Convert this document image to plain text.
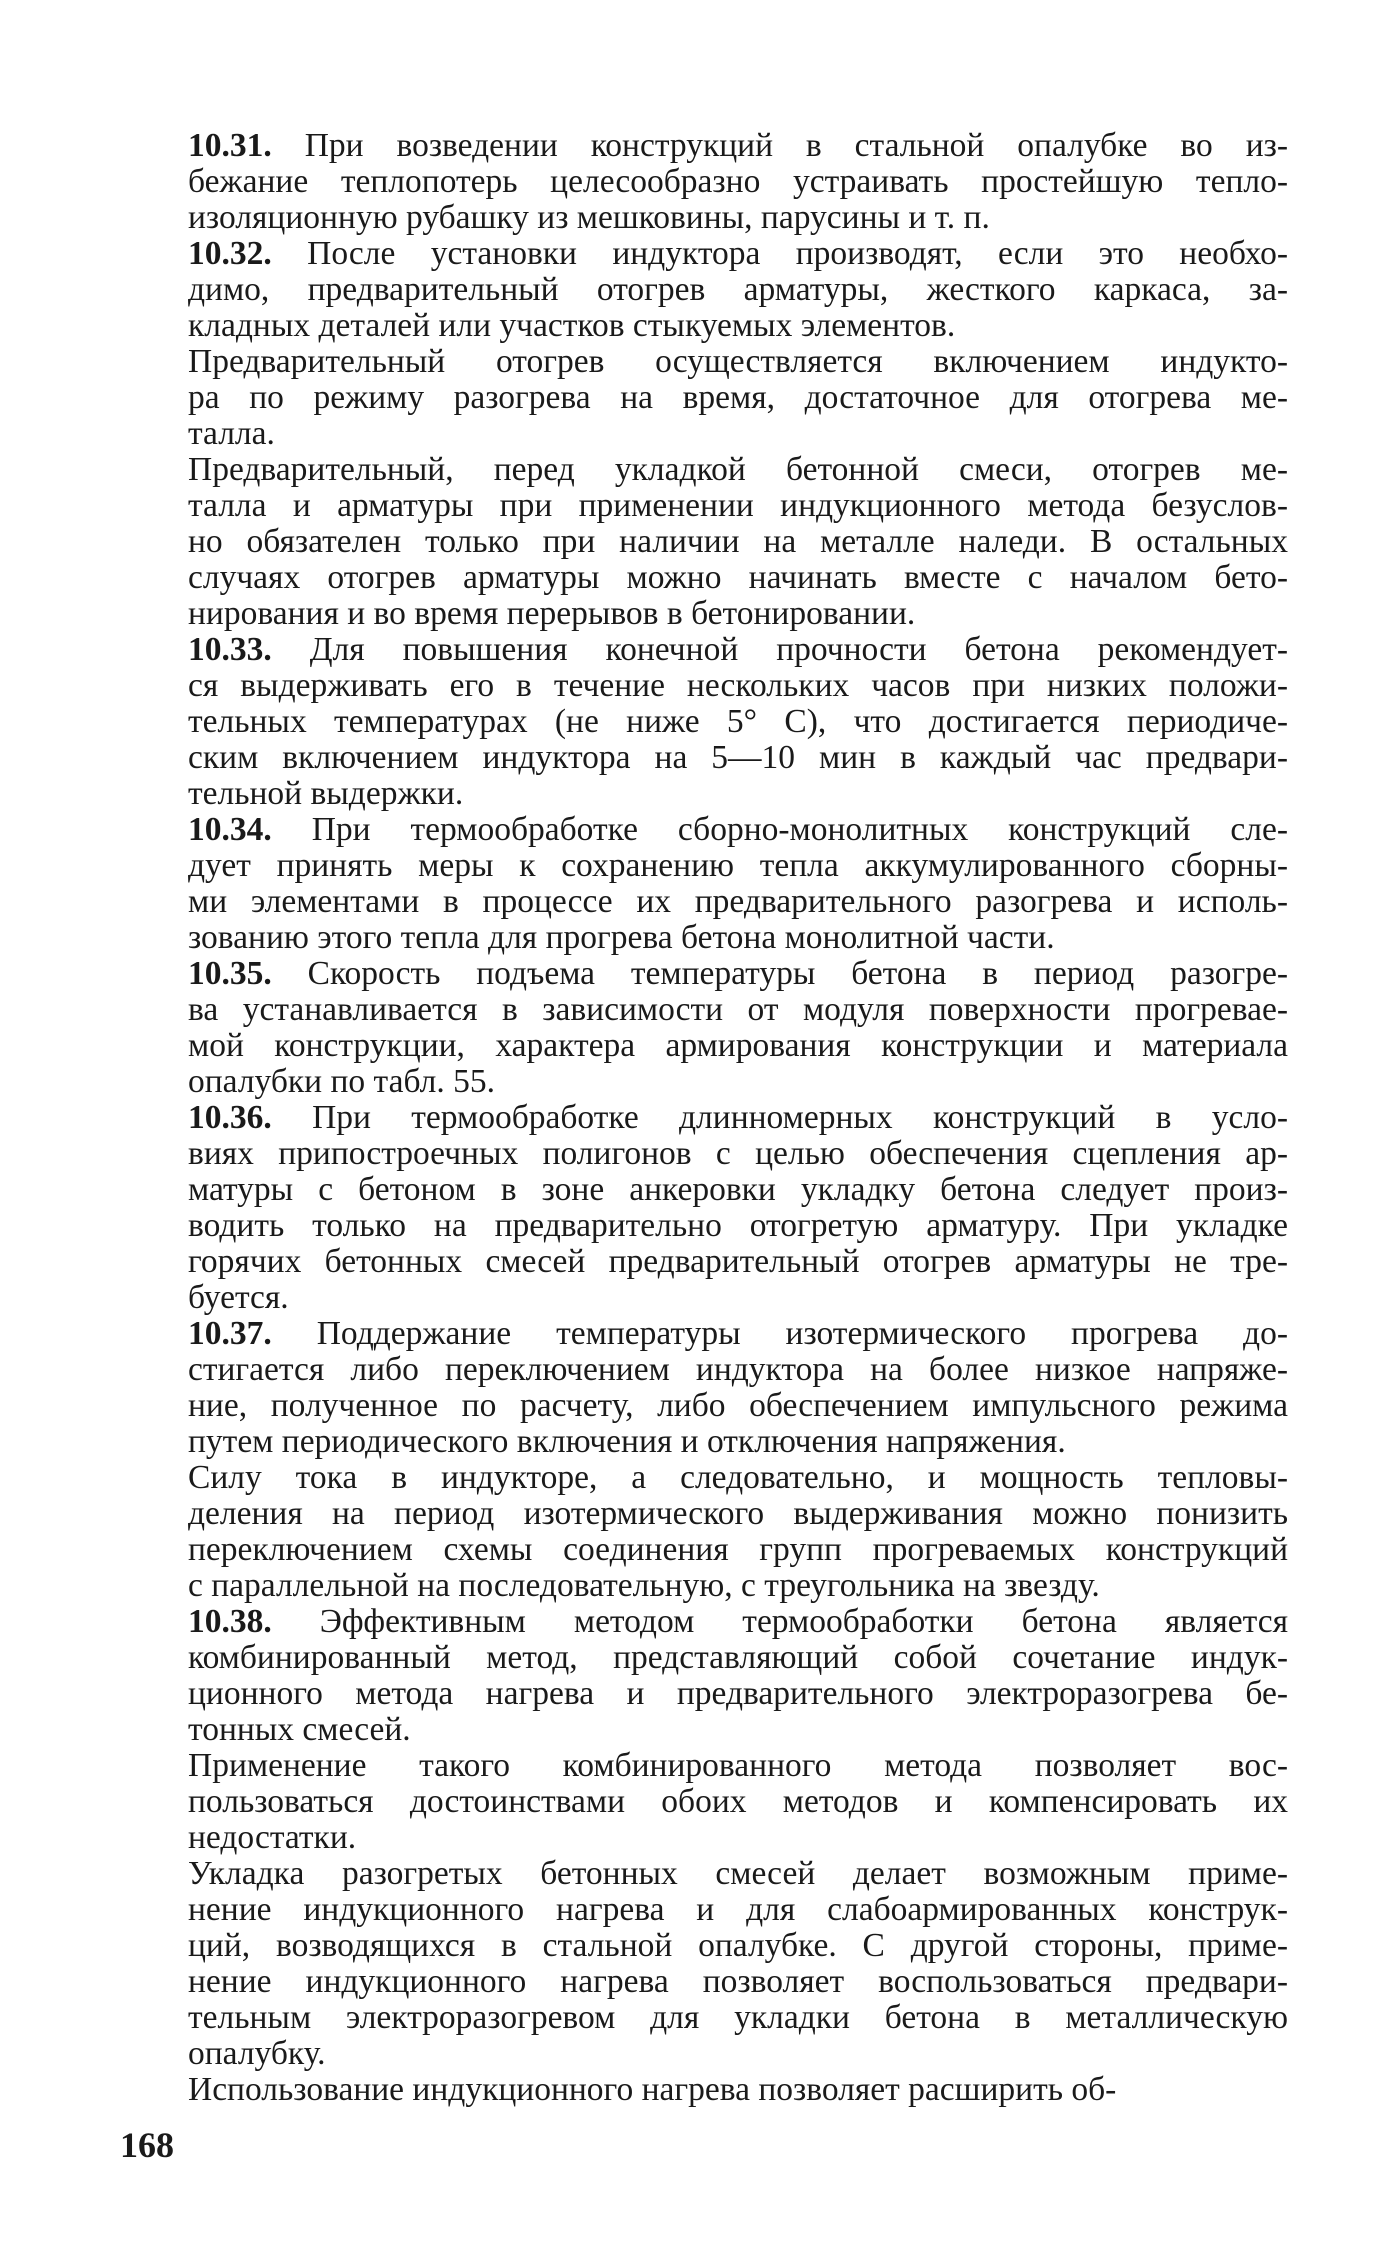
10.31. При возведении конструкций в стальной опалубке во из-
бежание теплопотерь целесообразно устраивать простейшую тепло-
изоляционную рубашку из мешковины, парусины и т. п.
10.32. После установки индуктора производят, если это необхо-
димо, предварительный отогрев арматуры, жесткого каркаса, за-
кладных деталей или участков стыкуемых элементов.
Предварительный отогрев осуществляется включением индукто-
ра по режиму разогрева на время, достаточное для отогрева ме-
талла.
Предварительный, перед укладкой бетонной смеси, отогрев ме-
талла и арматуры при применении индукционного метода безуслов-
но обязателен только при наличии на металле наледи. В остальных
случаях отогрев арматуры можно начинать вместе с началом бето-
нирования и во время перерывов в бетонировании.
10.33. Для повышения конечной прочности бетона рекомендует-
ся выдерживать его в течение нескольких часов при низких положи-
тельных температурах (не ниже 5° С), что достигается периодиче-
ским включением индуктора на 5—10 мин в каждый час предвари-
тельной выдержки.
10.34. При термообработке сборно-монолитных конструкций сле-
дует принять меры к сохранению тепла аккумулированного сборны-
ми элементами в процессе их предварительного разогрева и исполь-
зованию этого тепла для прогрева бетона монолитной части.
10.35. Скорость подъема температуры бетона в период разогре-
ва устанавливается в зависимости от модуля поверхности прогревае-
мой конструкции, характера армирования конструкции и материала
опалубки по табл. 55.
10.36. При термообработке длинномерных конструкций в усло-
виях припостроечных полигонов с целью обеспечения сцепления ар-
матуры с бетоном в зоне анкеровки укладку бетона следует произ-
водить только на предварительно отогретую арматуру. При укладке
горячих бетонных смесей предварительный отогрев арматуры не тре-
буется.
10.37. Поддержание температуры изотермического прогрева до-
стигается либо переключением индуктора на более низкое напряже-
ние, полученное по расчету, либо обеспечением импульсного режима
путем периодического включения и отключения напряжения.
Силу тока в индукторе, а следовательно, и мощность тепловы-
деления на период изотермического выдерживания можно понизить
переключением схемы соединения групп прогреваемых конструкций
с параллельной на последовательную, с треугольника на звезду.
10.38. Эффективным методом термообработки бетона является
комбинированный метод, представляющий собой сочетание индук-
ционного метода нагрева и предварительного электроразогрева бе-
тонных смесей.
Применение такого комбинированного метода позволяет вос-
пользоваться достоинствами обоих методов и компенсировать их
недостатки.
Укладка разогретых бетонных смесей делает возможным приме-
нение индукционного нагрева и для слабоармированных конструк-
ций, возводящихся в стальной опалубке. С другой стороны, приме-
нение индукционного нагрева позволяет воспользоваться предвари-
тельным электроразогревом для укладки бетона в металлическую
опалубку.
Использование индукционного нагрева позволяет расширить об-
168
